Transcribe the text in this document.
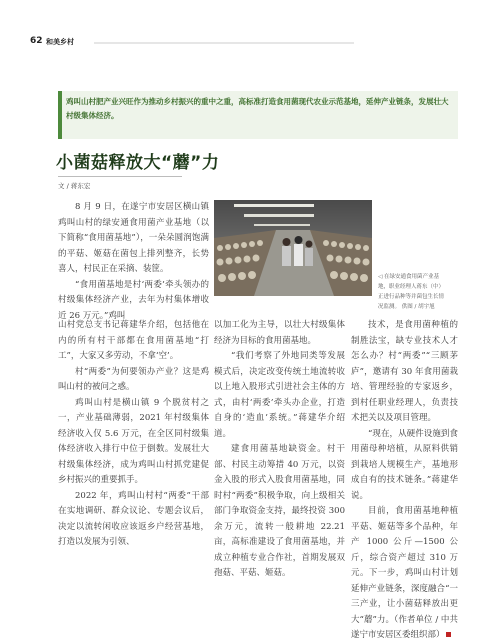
62 和美乡村
鸡叫山村肥产业兴旺作为推动乡村振兴的重中之重，高标准打造食用菌现代农业示范基地，延伸产业链条，发展壮大村级集体经济。
小菌菇释放大“蘑”力
文 / 蒋东宏
◁ 在绿安通食用菌产业基地，职业经理人蒋东（中）正进行品种等并菌包生长情况监测。 供图 / 胡宇旭

8 月 9 日，在遂宁市安居区横山镇鸡叫山村的绿安通食用菌产业基地（以下简称“食用菌基地”），一朵朵圆润饱满的平菇、姬菇在菌包上排列整齐，长势喜人，村民正在采摘、装筐。

“食用菌基地是村‘两委’牵头领办的村级集体经济产业，去年为村集体增收近 26 万元。”鸡叫

山村党总支书记蒋建华介绍，包括他在内的所有村干部都在食用菌基地“打工”，大家又多劳动，不拿‘空’。

村“两委”为何要领办产业？这是鸡叫山村的被问之惑。

鸡叫山村是横山镇 9 个脱贫村之一，产业基础薄弱，2021 年村级集体经济收入仅 5.6 万元，在全区同村级集体经济收入排行中位于倒数。发展壮大村级集体经济，成为鸡叫山村抓党建促乡村振兴的重要抓手。

2022 年，鸡叫山村村“两委”干部在实地调研、群众议论、专题会议后，决定以流转闲收应该返乡户经营基地，打造以发展为引领、

以加工化为主导，以壮大村级集体经济为目标的食用菌基地。

“我们考察了外地同类等发展模式后，决定改变传统土地流转收以上地入股形式引进社会主体的方式，由村‘两委’牵头办企业，打造自身的‘造血’系统。”蒋建华介绍道。

建食用菌基地缺资金。村干部、村民主动筹措 40 万元，以资金入股的形式入股食用菌基地，同时村“两委”积极争取，向上级相关部门争取资金支持，最终投资 300 余万元，流转一般耕地 22.21 亩，高标准建设了食用菌基地，并成立种植专业合作社，首期发展双孢菇、平菇、姬菇。

技术，是食用菌种植的制胜法宝，缺专业技术人才怎么办？村“两委”“三顾茅庐”，邀请有 30 年食用菌栽培、管理经验的专家返乡，到村任职业经理人，负责技术把关以及项目管理。

“现在，从硬件设施到食用菌母种培植，从原料供销到栽培人规模生产，基地形成自有的技术链条。”蒋建华说。

目前，食用菌基地种植平菇、姬菇等多个品种，年产 1000 公斤—1500 公斤，综合资产超过 310 万元。下一步，鸡叫山村计划延伸产业链条，深度融合“一三产业，让小菌菇释放出更大“蘑”力。（作者单位 / 中共遂宁市安居区委组织部）
